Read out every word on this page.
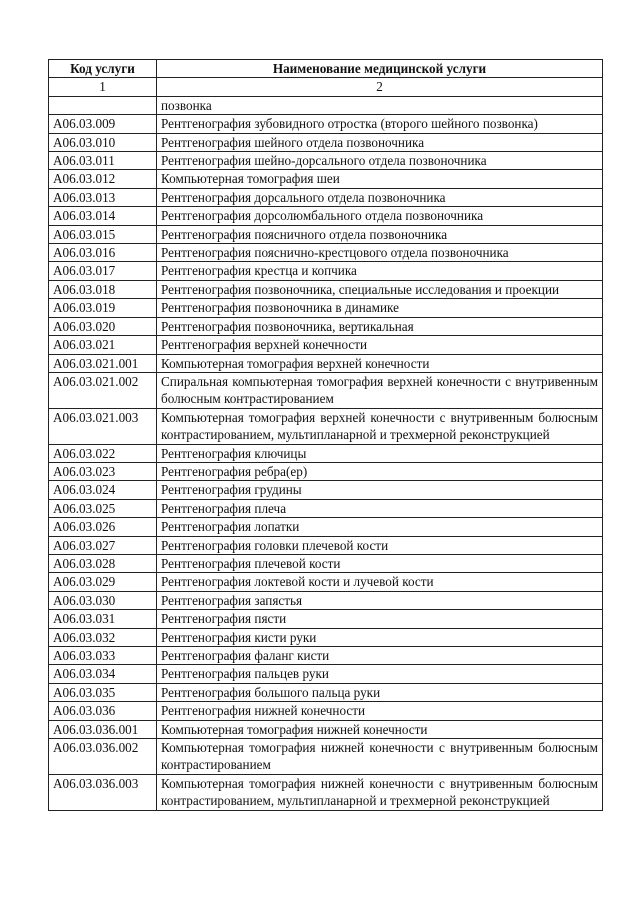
Код услуги	Наименование медицинской услуги
1	2
	позвонка
A06.03.009	Рентгенография зубовидного отростка (второго шейного позвонка)
A06.03.010	Рентгенография шейного отдела позвоночника
A06.03.011	Рентгенография шейно-дорсального отдела позвоночника
A06.03.012	Компьютерная томография шеи
A06.03.013	Рентгенография дорсального отдела позвоночника
A06.03.014	Рентгенография дорсолюмбального отдела позвоночника
A06.03.015	Рентгенография поясничного отдела позвоночника
A06.03.016	Рентгенография пояснично-крестцового отдела позвоночника
A06.03.017	Рентгенография крестца и копчика
A06.03.018	Рентгенография позвоночника, специальные исследования и проекции
A06.03.019	Рентгенография позвоночника в динамике
A06.03.020	Рентгенография позвоночника, вертикальная
A06.03.021	Рентгенография верхней конечности
A06.03.021.001	Компьютерная томография верхней конечности
A06.03.021.002	Спиральная компьютерная томография верхней конечности с внутривенным болюсным контрастированием
A06.03.021.003	Компьютерная томография верхней конечности с внутривенным болюсным контрастированием, мультипланарной и трехмерной реконструкцией
A06.03.022	Рентгенография ключицы
A06.03.023	Рентгенография ребра(ер)
A06.03.024	Рентгенография грудины
A06.03.025	Рентгенография плеча
A06.03.026	Рентгенография лопатки
A06.03.027	Рентгенография головки плечевой кости
A06.03.028	Рентгенография плечевой кости
A06.03.029	Рентгенография локтевой кости и лучевой кости
A06.03.030	Рентгенография запястья
A06.03.031	Рентгенография пясти
A06.03.032	Рентгенография кисти руки
A06.03.033	Рентгенография фаланг кисти
A06.03.034	Рентгенография пальцев руки
A06.03.035	Рентгенография большого пальца руки
A06.03.036	Рентгенография нижней конечности
A06.03.036.001	Компьютерная томография нижней конечности
A06.03.036.002	Компьютерная томография нижней конечности с внутривенным болюсным контрастированием
A06.03.036.003	Компьютерная томография нижней конечности с внутривенным болюсным контрастированием, мультипланарной и трехмерной реконструкцией
